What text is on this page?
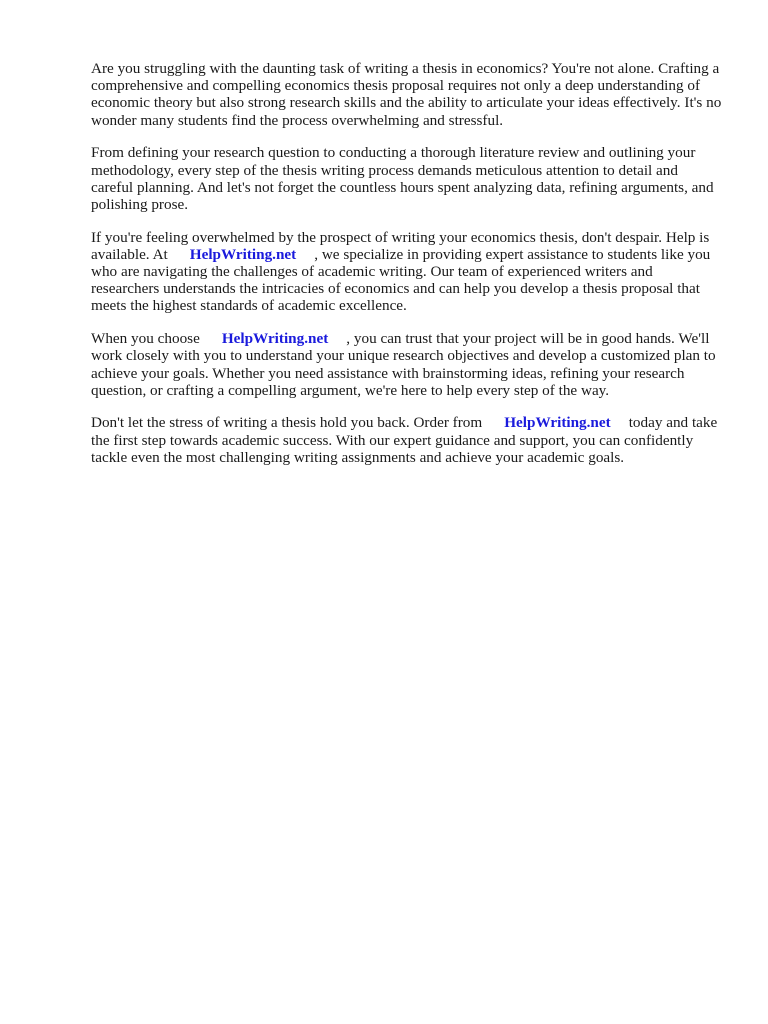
Are you struggling with the daunting task of writing a thesis in economics? You're not alone. Crafting a comprehensive and compelling economics thesis proposal requires not only a deep understanding of economic theory but also strong research skills and the ability to articulate your ideas effectively. It's no wonder many students find the process overwhelming and stressful.

From defining your research question to conducting a thorough literature review and outlining your methodology, every step of the thesis writing process demands meticulous attention to detail and careful planning. And let's not forget the countless hours spent analyzing data, refining arguments, and polishing prose.

If you're feeling overwhelmed by the prospect of writing your economics thesis, don't despair. Help is available. At HelpWriting.net , we specialize in providing expert assistance to students like you who are navigating the challenges of academic writing. Our team of experienced writers and researchers understands the intricacies of economics and can help you develop a thesis proposal that meets the highest standards of academic excellence.

When you choose HelpWriting.net , you can trust that your project will be in good hands. We'll work closely with you to understand your unique research objectives and develop a customized plan to achieve your goals. Whether you need assistance with brainstorming ideas, refining your research question, or crafting a compelling argument, we're here to help every step of the way.

Don't let the stress of writing a thesis hold you back. Order from HelpWriting.net today and take the first step towards academic success. With our expert guidance and support, you can confidently tackle even the most challenging writing assignments and achieve your academic goals.
